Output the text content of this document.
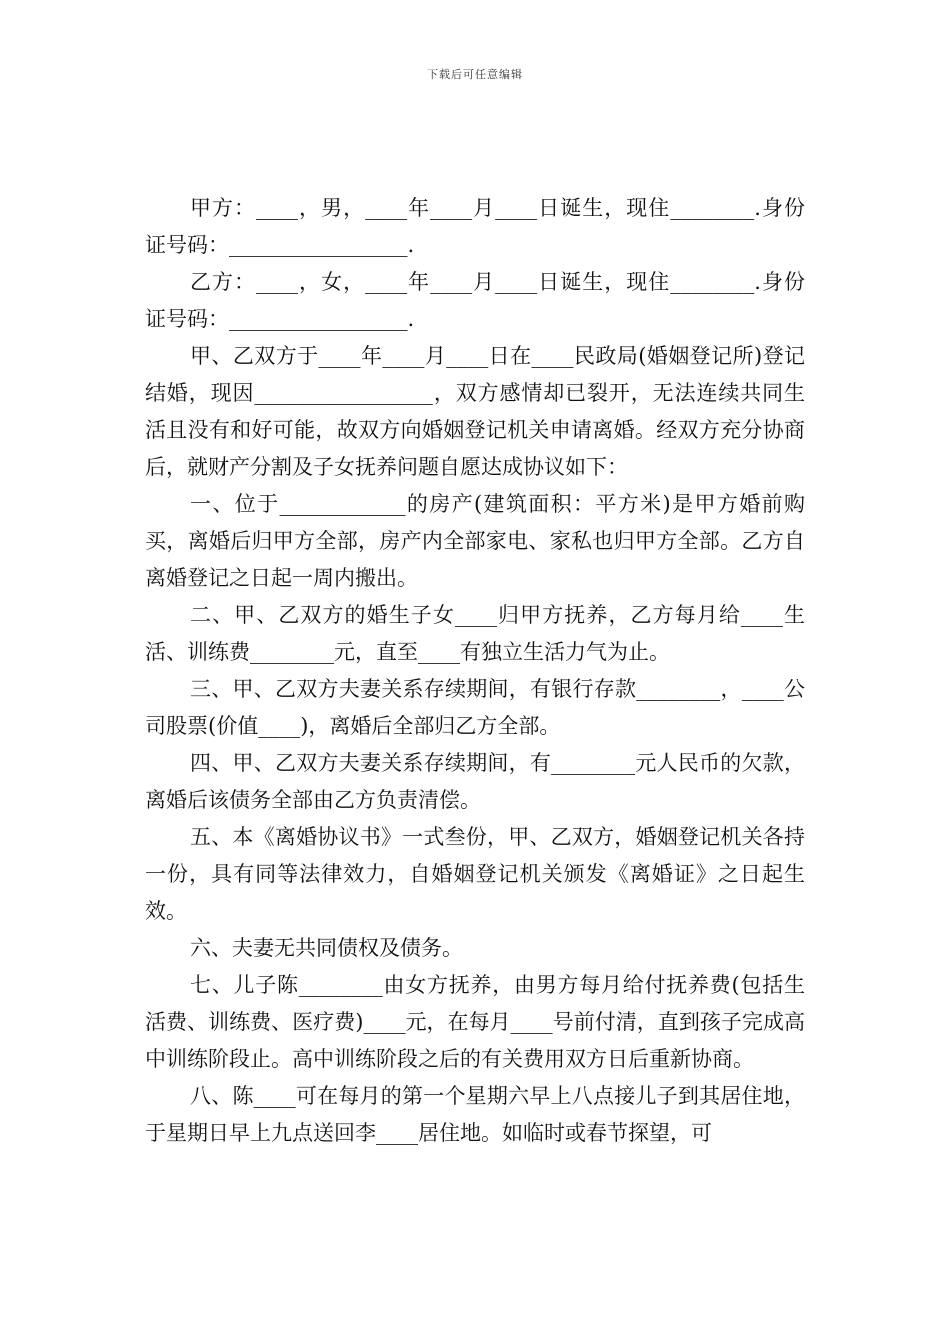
下载后可任意编辑

甲方：____，男，____年____月____日诞生，现住________.身份证号码：_________________.

乙方：____，女，____年____月____日诞生，现住________.身份证号码：_________________.

甲、乙双方于____年____月____日在____民政局(婚姻登记所)登记结婚，现因_________________，双方感情却已裂开，无法连续共同生活且没有和好可能，故双方向婚姻登记机关申请离婚。经双方充分协商后，就财产分割及子女抚养问题自愿达成协议如下：

一、位于____________的房产(建筑面积：平方米)是甲方婚前购买，离婚后归甲方全部，房产内全部家电、家私也归甲方全部。乙方自离婚登记之日起一周内搬出。

二、甲、乙双方的婚生子女____归甲方抚养，乙方每月给____生活、训练费________元，直至____有独立生活力气为止。

三、甲、乙双方夫妻关系存续期间，有银行存款________，____公司股票(价值____)，离婚后全部归乙方全部。

四、甲、乙双方夫妻关系存续期间，有________元人民币的欠款，离婚后该债务全部由乙方负责清偿。

五、本《离婚协议书》一式叁份，甲、乙双方，婚姻登记机关各持一份，具有同等法律效力，自婚姻登记机关颁发《离婚证》之日起生效。

六、夫妻无共同债权及债务。

七、儿子陈________由女方抚养，由男方每月给付抚养费(包括生活费、训练费、医疗费)____元，在每月____号前付清，直到孩子完成高中训练阶段止。高中训练阶段之后的有关费用双方日后重新协商。

八、陈____可在每月的第一个星期六早上八点接儿子到其居住地，于星期日早上九点送回李____居住地。如临时或春节探望，可
